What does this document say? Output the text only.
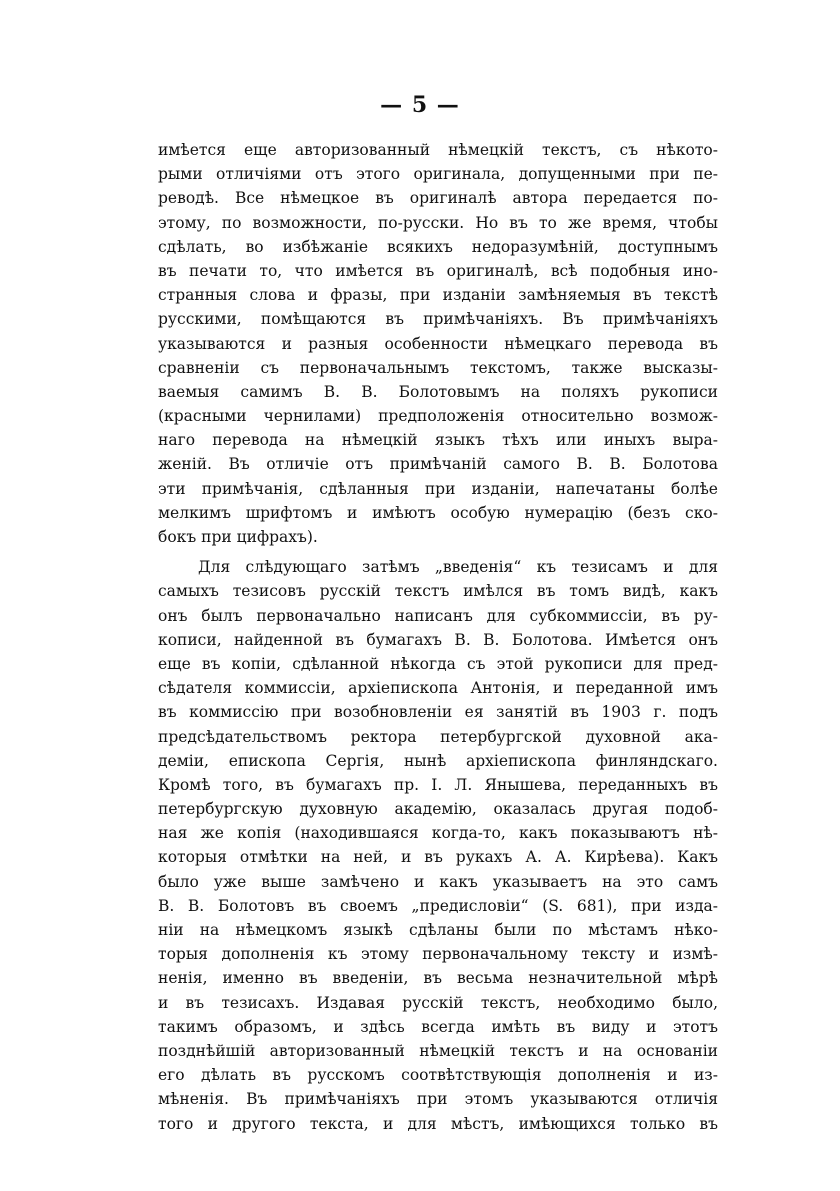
— 5 —
имѣется еще авторизованный нѣмецкій текстъ, съ нѣкото-
рыми отличіями отъ этого оригинала, допущенными при пе-
реводѣ. Все нѣмецкое въ оригиналѣ автора передается по-
этому, по возможности, по-русски. Но въ то же время, чтобы
сдѣлать, во избѣжаніе всякихъ недоразумѣній, доступнымъ
въ печати то, что имѣется въ оригиналѣ, всѣ подобныя ино-
странныя слова и фразы, при изданіи замѣняемыя въ текстѣ
русскими, помѣщаются въ примѣчаніяхъ. Въ примѣчаніяхъ
указываются и разныя особенности нѣмецкаго перевода въ
сравненіи съ первоначальнымъ текстомъ, также высказы-
ваемыя самимъ В. В. Болотовымъ на поляхъ рукописи
(красными чернилами) предположенія относительно возмож-
наго перевода на нѣмецкій языкъ тѣхъ или иныхъ выра-
женій. Въ отличіе отъ примѣчаній самого В. В. Болотова
эти примѣчанія, сдѣланныя при изданіи, напечатаны болѣе
мелкимъ шрифтомъ и имѣютъ особую нумерацію (безъ ско-
бокъ при цифрахъ).
Для слѣдующаго затѣмъ „введенія“ къ тезисамъ и для
самыхъ тезисовъ русскій текстъ имѣлся въ томъ видѣ, какъ
онъ былъ первоначально написанъ для субкоммиссіи, въ ру-
кописи, найденной въ бумагахъ В. В. Болотова. Имѣется онъ
еще въ копіи, сдѣланной нѣкогда съ этой рукописи для пред-
сѣдателя коммиссіи, архіепископа Антонія, и переданной имъ
въ коммиссію при возобновленіи ея занятій въ 1903 г. подъ
предсѣдательствомъ ректора петербургской духовной ака-
деміи, епископа Сергія, нынѣ архіепископа финляндскаго.
Кромѣ того, въ бумагахъ пр. І. Л. Янышева, переданныхъ въ
петербургскую духовную академію, оказалась другая подоб-
ная же копія (находившаяся когда-то, какъ показываютъ нѣ-
которыя отмѣтки на ней, и въ рукахъ А. А. Кирѣева). Какъ
было уже выше замѣчено и какъ указываетъ на это самъ
В. В. Болотовъ въ своемъ „предисловіи“ (S. 681), при изда-
ніи на нѣмецкомъ языкѣ сдѣланы были по мѣстамъ нѣко-
торыя дополненія къ этому первоначальному тексту и измѣ-
ненія, именно въ введеніи, въ весьма незначительной мѣрѣ
и въ тезисахъ. Издавая русскій текстъ, необходимо было,
такимъ образомъ, и здѣсь всегда имѣть въ виду и этотъ
позднѣйшій авторизованный нѣмецкій текстъ и на основаніи
его дѣлать въ русскомъ соотвѣтствующія дополненія и из-
мѣненія. Въ примѣчаніяхъ при этомъ указываются отличія
того и другого текста, и для мѣстъ, имѣющихся только въ
